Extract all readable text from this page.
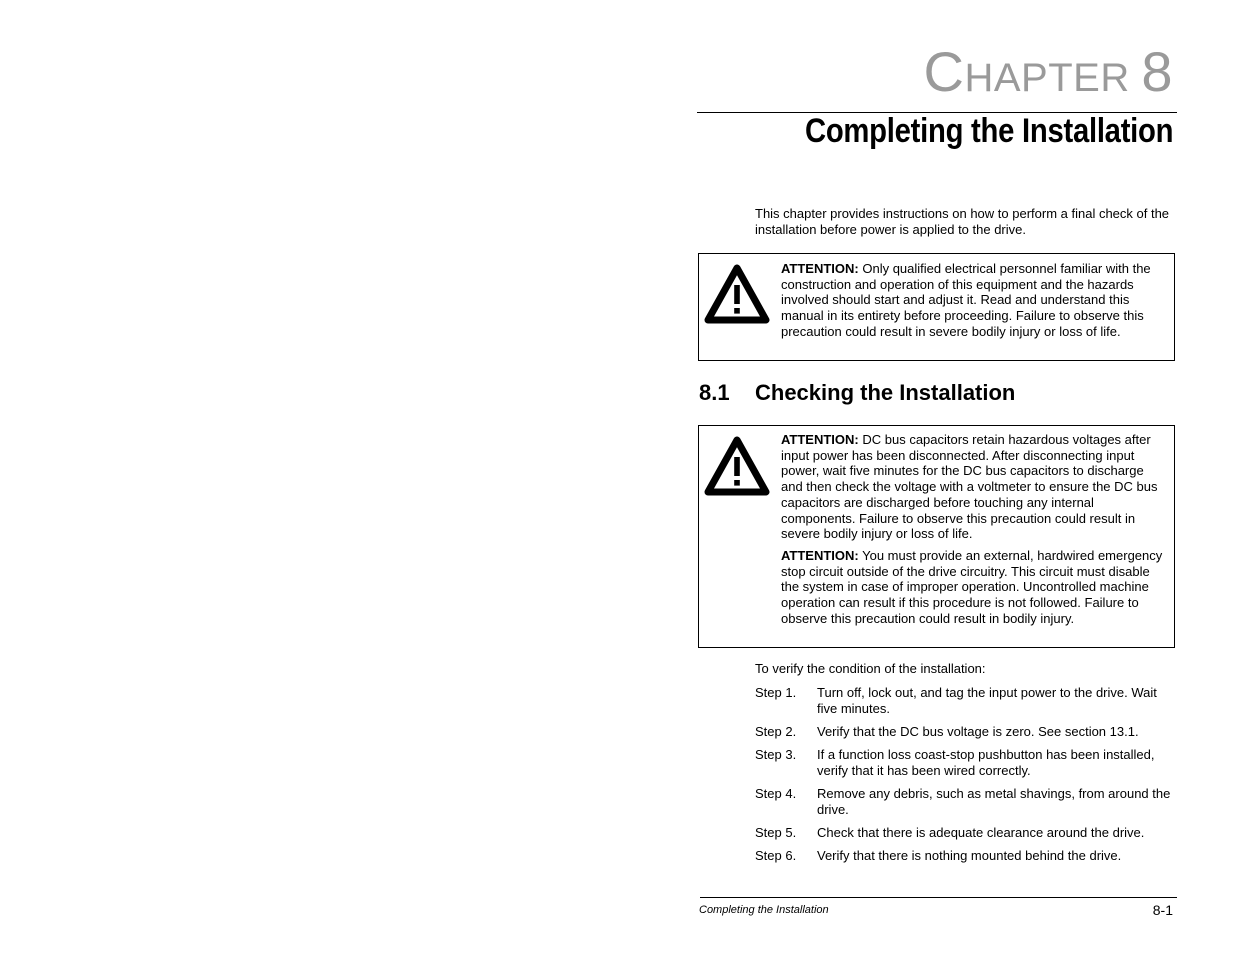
CHAPTER 8
Completing the Installation
This chapter provides instructions on how to perform a final check of the installation before power is applied to the drive.
ATTENTION: Only qualified electrical personnel familiar with the construction and operation of this equipment and the hazards involved should start and adjust it. Read and understand this manual in its entirety before proceeding. Failure to observe this precaution could result in severe bodily injury or loss of life.
8.1 Checking the Installation
ATTENTION: DC bus capacitors retain hazardous voltages after input power has been disconnected. After disconnecting input power, wait five minutes for the DC bus capacitors to discharge and then check the voltage with a voltmeter to ensure the DC bus capacitors are discharged before touching any internal components. Failure to observe this precaution could result in severe bodily injury or loss of life.
ATTENTION: You must provide an external, hardwired emergency stop circuit outside of the drive circuitry. This circuit must disable the system in case of improper operation. Uncontrolled machine operation can result if this procedure is not followed. Failure to observe this precaution could result in bodily injury.
To verify the condition of the installation:
Step 1.	Turn off, lock out, and tag the input power to the drive. Wait five minutes.
Step 2.	Verify that the DC bus voltage is zero. See section 13.1.
Step 3.	If a function loss coast-stop pushbutton has been installed, verify that it has been wired correctly.
Step 4.	Remove any debris, such as metal shavings, from around the drive.
Step 5.	Check that there is adequate clearance around the drive.
Step 6.	Verify that there is nothing mounted behind the drive.
Completing the Installation	8-1
